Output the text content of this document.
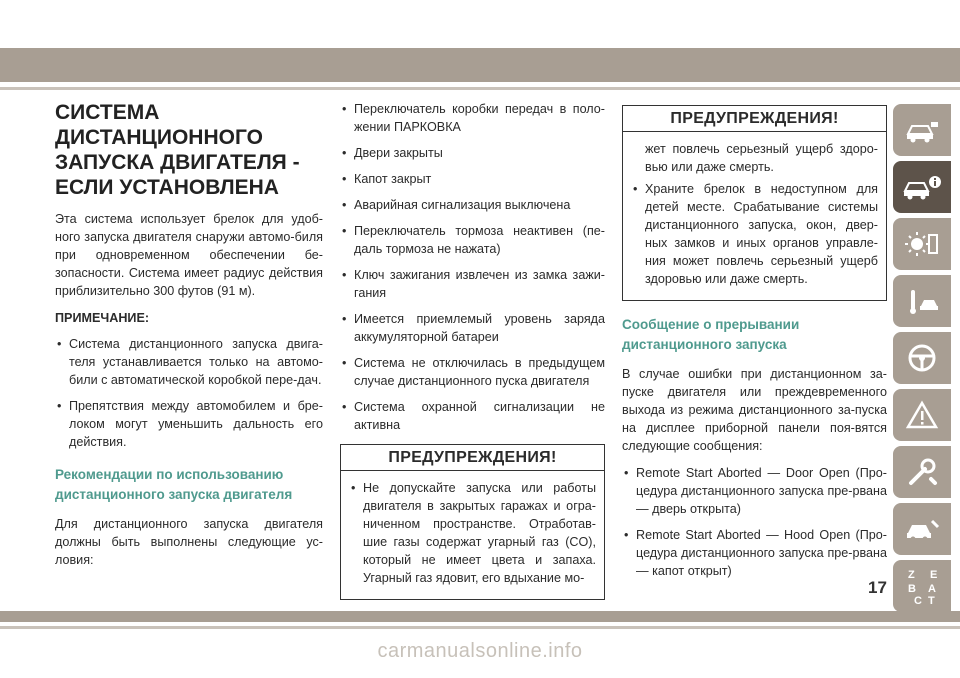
СИСТЕМА ДИСТАНЦИОННОГО ЗАПУСКА ДВИГАТЕЛЯ - ЕСЛИ УСТАНОВЛЕНА

Эта система использует брелок для удоб-ного запуска двигателя снаружи автомо-биля при одновременном обеспечении бе-зопасности. Система имеет радиус действия приблизительно 300 футов (91 м).

ПРИМЕЧАНИЕ:
• Система дистанционного запуска двига-теля устанавливается только на автомо-били с автоматической коробкой пере-дач.
• Препятствия между автомобилем и бре-локом могут уменьшить дальность его действия.
Рекомендации по использованию дистанционного запуска двигателя

Для дистанционного запуска двигателя должны быть выполнены следующие ус-ловия:

• Переключатель коробки передач в поло-жении ПАРКОВКА
• Двери закрыты
• Капот закрыт
• Аварийная сигнализация выключена
• Переключатель тормоза неактивен (пе-даль тормоза не нажата)
• Ключ зажигания извлечен из замка зажи-гания
• Имеется приемлемый уровень заряда аккумуляторной батареи
• Система не отключилась в предыдущем случае дистанционного пуска двигателя
• Система охранной сигнализации не активна
ПРЕДУПРЕЖДЕНИЯ!
• Не допускайте запуска или работы двигателя в закрытых гаражах и огра-ниченном пространстве. Отработав-шие газы содержат угарный газ (CO), который не имеет цвета и запаха. Угарный газ ядовит, его вдыхание мо-
ПРЕДУПРЕЖДЕНИЯ!

жет повлечь серьезный ущерб здоро-вью или даже смерть.

• Храните брелок в недоступном для детей месте. Срабатывание системы дистанционного запуска, окон, двер-ных замков и иных органов управле-ния может повлечь серьезный ущерб здоровью или даже смерть.
Сообщение о прерывании дистанционного запуска

В случае ошибки при дистанционном за-пуске двигателя или преждевременного выхода из режима дистанционного за-пуска на дисплее приборной панели поя-вятся следующие сообщения:

• Remote Start Aborted — Door Open (Про-цедура дистанционного запуска пре-рвана — дверь открыта)
• Remote Start Aborted — Hood Open (Про-цедура дистанционного запуска пре-рвана — капот открыт)	Z E
B A
C T
17
carmanualsonline.info
